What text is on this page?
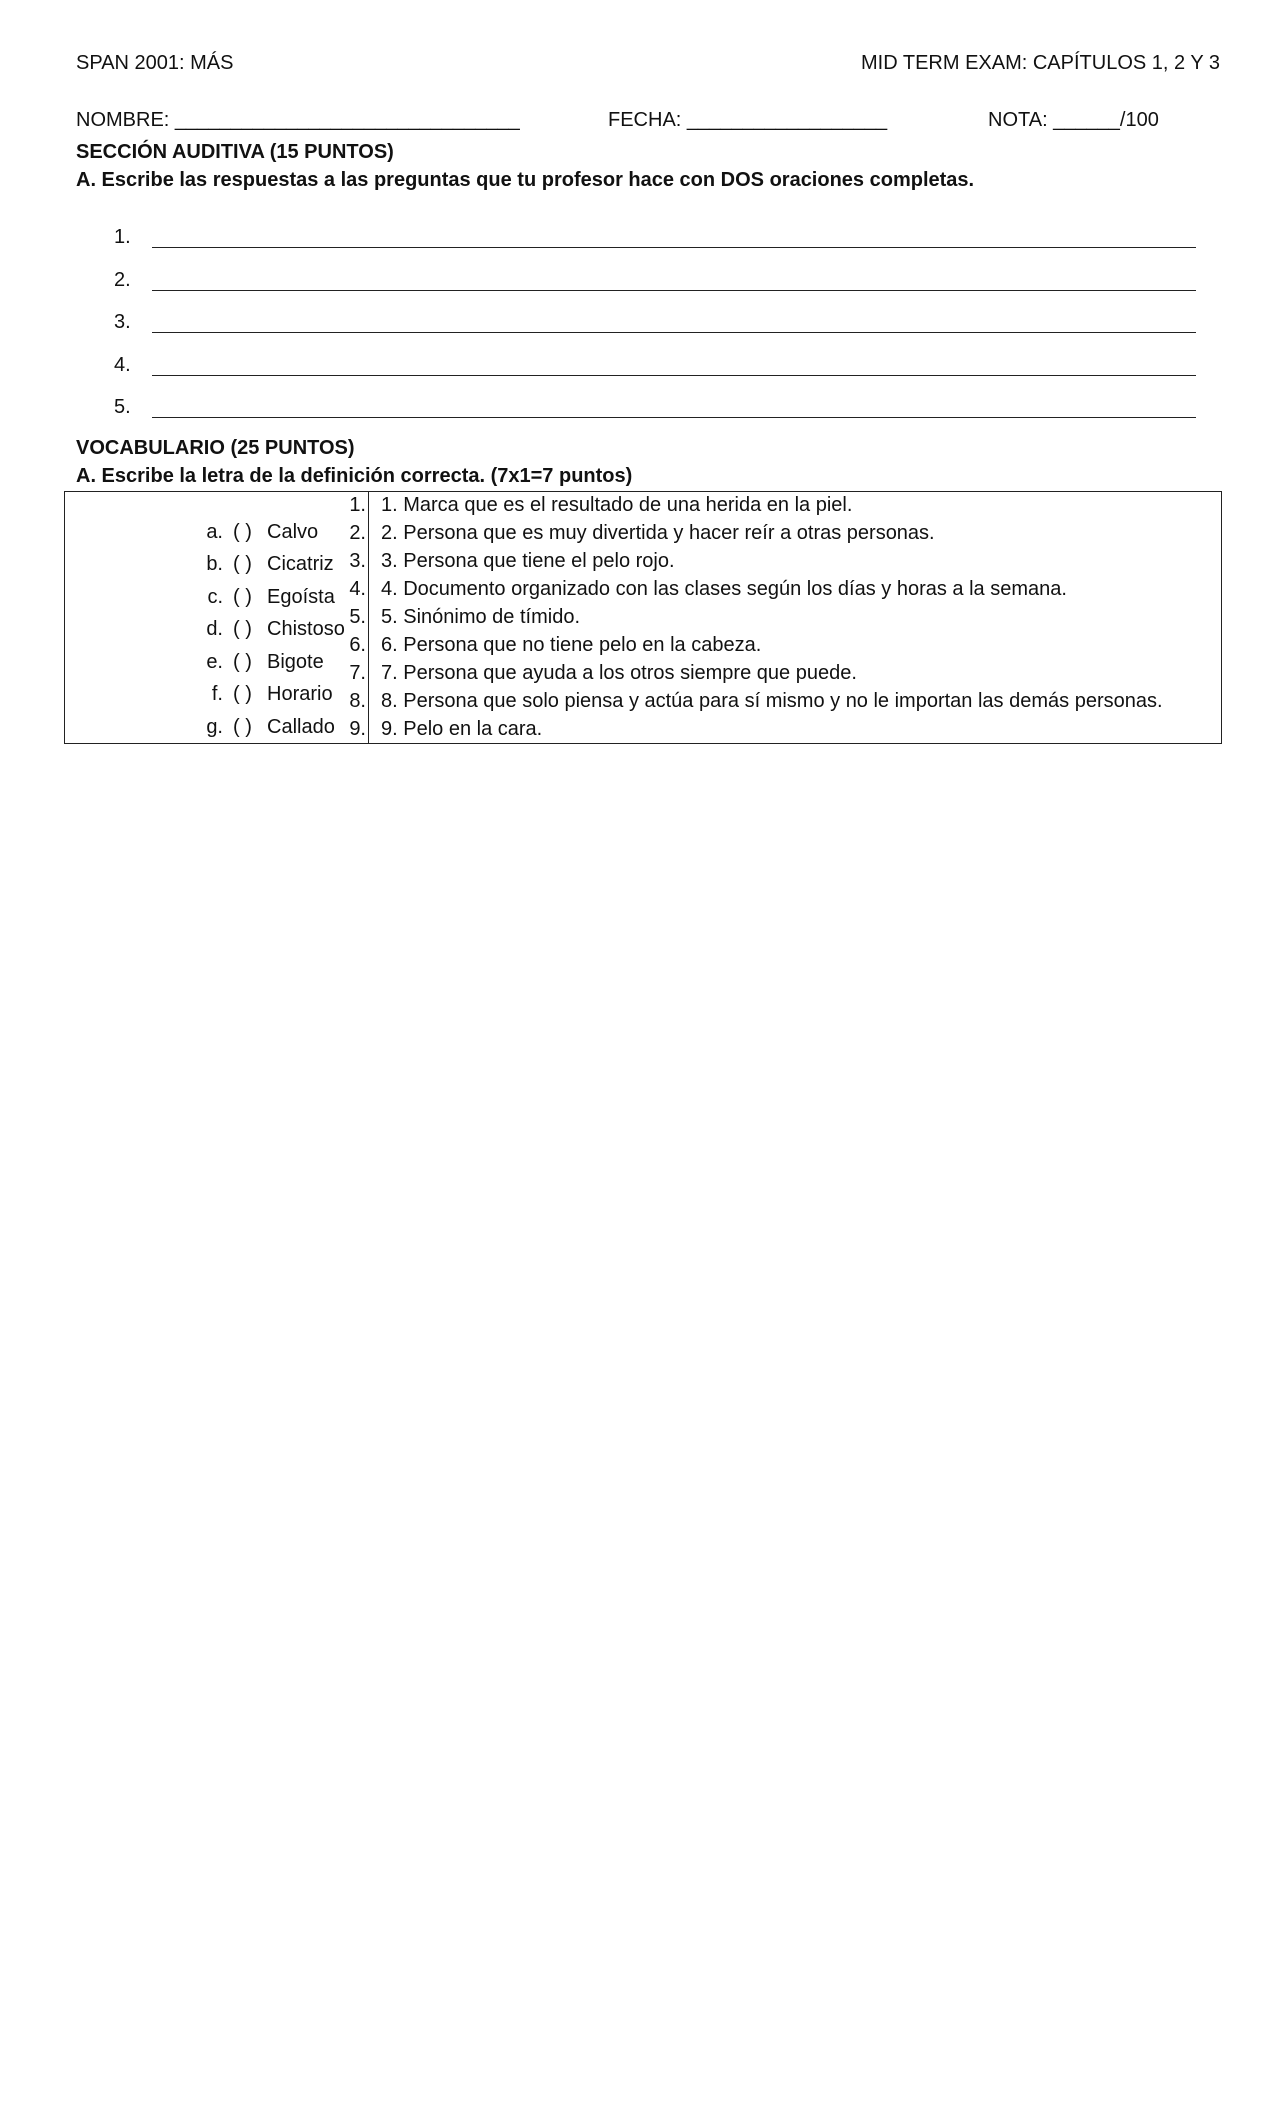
SPAN 2001: MÁS	MID TERM EXAM: CAPÍTULOS 1, 2 Y 3
NOMBRE: _______________________________	FECHA: __________________	NOTA: ______/100
SECCIÓN AUDITIVA (15 PUNTOS)
A. Escribe las respuestas a las preguntas que tu profesor hace con DOS oraciones completas.
1.
2.
3.
4.
5.
VOCABULARIO (25 PUNTOS)
A. Escribe la letra de la definición correcta. (7x1=7 puntos)
a. ( ) Calvo
b. ( ) Cicatriz
c. ( ) Egoísta
d. ( ) Chistoso
e. ( ) Bigote
f. ( ) Horario
g. ( ) Callado
1. 1. Marca que es el resultado de una herida en la piel.
2. 2. Persona que es muy divertida y hacer reír a otras personas.
3. 3. Persona que tiene el pelo rojo.
4. 4. Documento organizado con las clases según los días y horas a la semana.
5. 5. Sinónimo de tímido.
6. 6. Persona que no tiene pelo en la cabeza.
7. 7. Persona que ayuda a los otros siempre que puede.
8. 8. Persona que solo piensa y actúa para sí mismo y no le importan las demás personas.
9. 9. Pelo en la cara.
